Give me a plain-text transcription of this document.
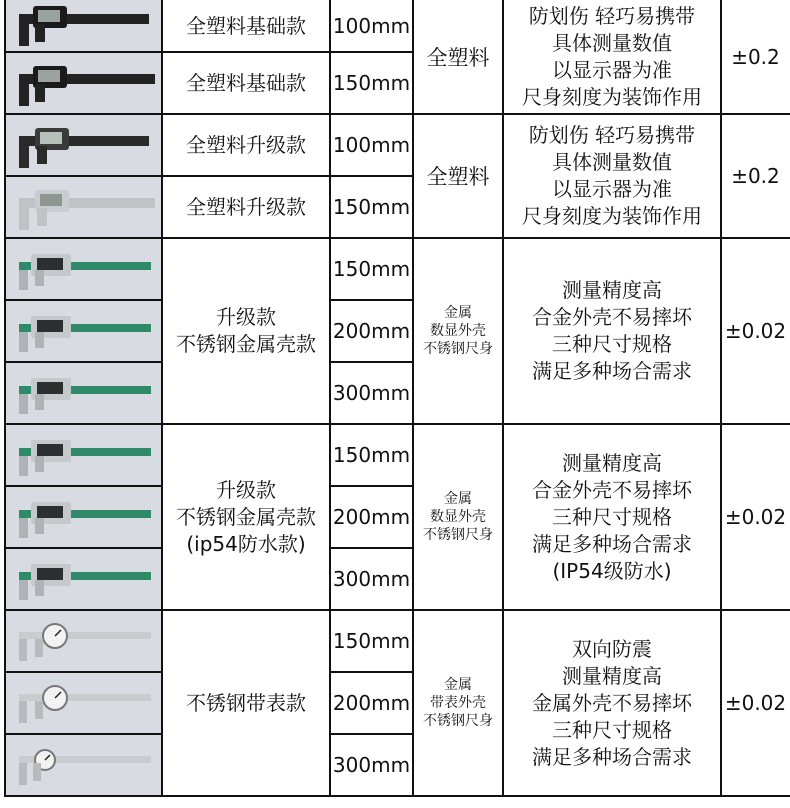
全塑料基础款 100mm
全塑料基础款 150mm
全塑料
防划伤 轻巧易携带
具体测量数值
以显示器为准
尺身刻度为装饰作用
±0.2
全塑料升级款 100mm
全塑料升级款 150mm
全塑料
防划伤 轻巧易携带
具体测量数值
以显示器为准
尺身刻度为装饰作用
±0.2
升级款
不锈钢金属壳款
150mm
200mm
300mm
金属
数显外壳
不锈钢尺身
测量精度高
合金外壳不易摔坏
三种尺寸规格
满足多种场合需求
±0.02
升级款
不锈钢金属壳款
(ip54防水款)
150mm
200mm
300mm
金属
数显外壳
不锈钢尺身
测量精度高
合金外壳不易摔坏
三种尺寸规格
满足多种场合需求
(IP54级防水)
±0.02
不锈钢带表款
150mm
200mm
300mm
金属
带表外壳
不锈钢尺身
双向防震
测量精度高
金属外壳不易摔坏
三种尺寸规格
满足多种场合需求
±0.02
